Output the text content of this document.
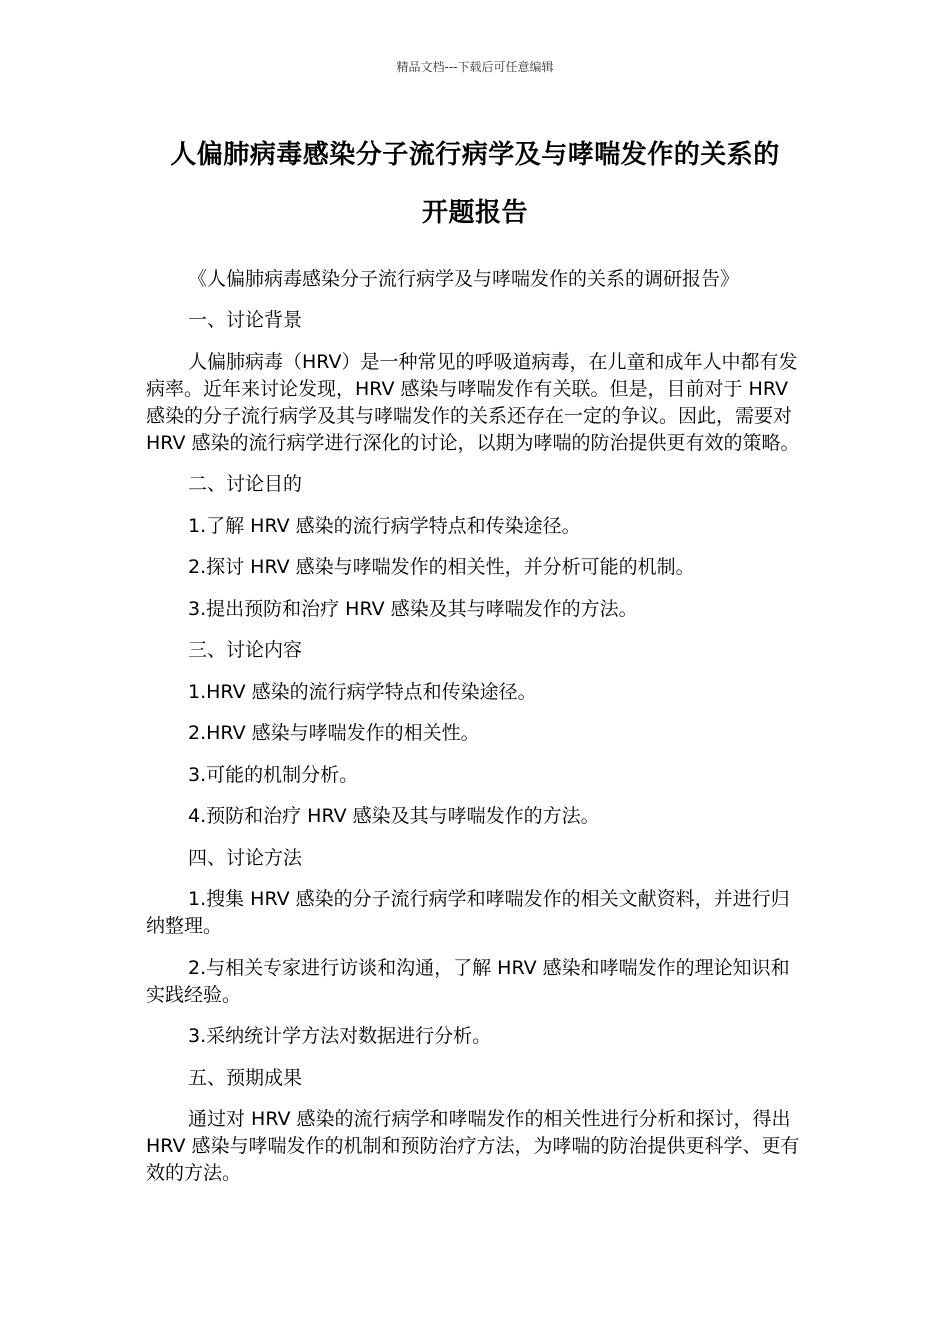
精品文档---下载后可任意编辑
人偏肺病毒感染分子流行病学及与哮喘发作的关系的
开题报告

《人偏肺病毒感染分子流行病学及与哮喘发作的关系的调研报告》

一、讨论背景

人偏肺病毒（HRV）是一种常见的呼吸道病毒，在儿童和成年人中都有发病率。近年来讨论发现，HRV 感染与哮喘发作有关联。但是，目前对于 HRV 感染的分子流行病学及其与哮喘发作的关系还存在一定的争议。因此，需要对 HRV 感染的流行病学进行深化的讨论，以期为哮喘的防治提供更有效的策略。

二、讨论目的

1.了解 HRV 感染的流行病学特点和传染途径。

2.探讨 HRV 感染与哮喘发作的相关性，并分析可能的机制。

3.提出预防和治疗 HRV 感染及其与哮喘发作的方法。

三、讨论内容

1.HRV 感染的流行病学特点和传染途径。

2.HRV 感染与哮喘发作的相关性。

3.可能的机制分析。

4.预防和治疗 HRV 感染及其与哮喘发作的方法。

四、讨论方法

1.搜集 HRV 感染的分子流行病学和哮喘发作的相关文献资料，并进行归纳整理。

2.与相关专家进行访谈和沟通，了解 HRV 感染和哮喘发作的理论知识和实践经验。

3.采纳统计学方法对数据进行分析。

五、预期成果

通过对 HRV 感染的流行病学和哮喘发作的相关性进行分析和探讨，得出 HRV 感染与哮喘发作的机制和预防治疗方法，为哮喘的防治提供更科学、更有效的方法。
